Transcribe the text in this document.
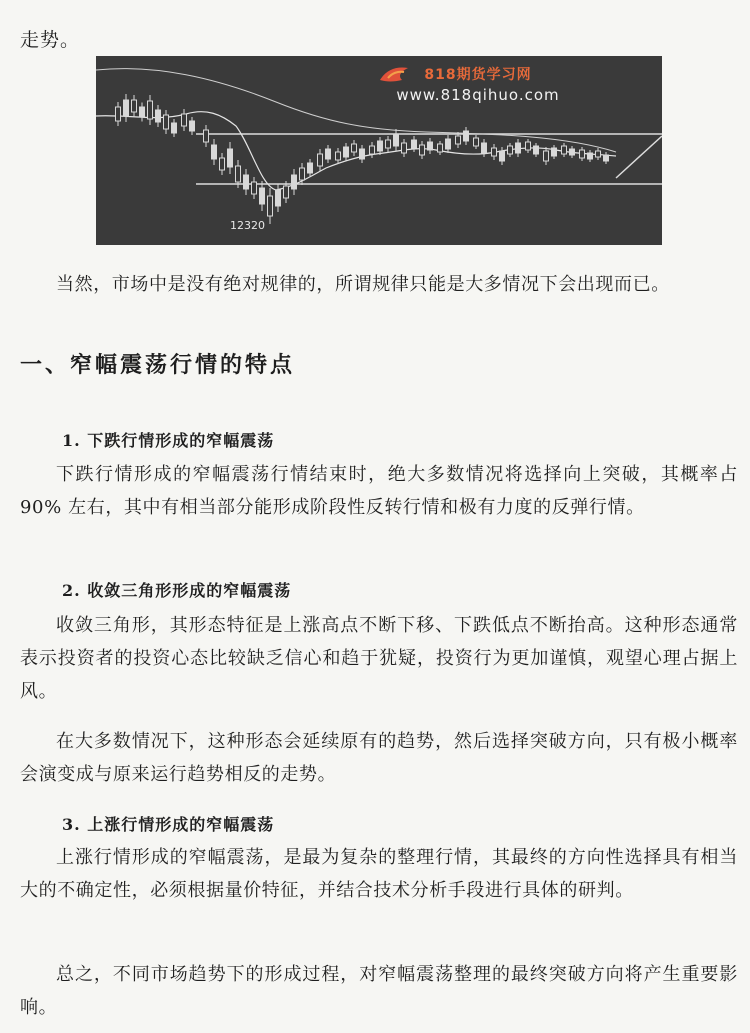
走势。

818期货学习网
www.818qihuo.com
12320

当然，市场中是没有绝对规律的，所谓规律只能是大多情况下会出现而已。

一、窄幅震荡行情的特点
1. 下跌行情形成的窄幅震荡

下跌行情形成的窄幅震荡行情结束时，绝大多数情况将选择向上突破，其概率占 90% 左右，其中有相当部分能形成阶段性反转行情和极有力度的反弹行情。

2. 收敛三角形形成的窄幅震荡

收敛三角形，其形态特征是上涨高点不断下移、下跌低点不断抬高。这种形态通常表示投资者的投资心态比较缺乏信心和趋于犹疑，投资行为更加谨慎，观望心理占据上风。

在大多数情况下，这种形态会延续原有的趋势，然后选择突破方向，只有极小概率会演变成与原来运行趋势相反的走势。

3. 上涨行情形成的窄幅震荡

上涨行情形成的窄幅震荡，是最为复杂的整理行情，其最终的方向性选择具有相当大的不确定性，必须根据量价特征，并结合技术分析手段进行具体的研判。

总之，不同市场趋势下的形成过程，对窄幅震荡整理的最终突破方向将产生重要影响。
